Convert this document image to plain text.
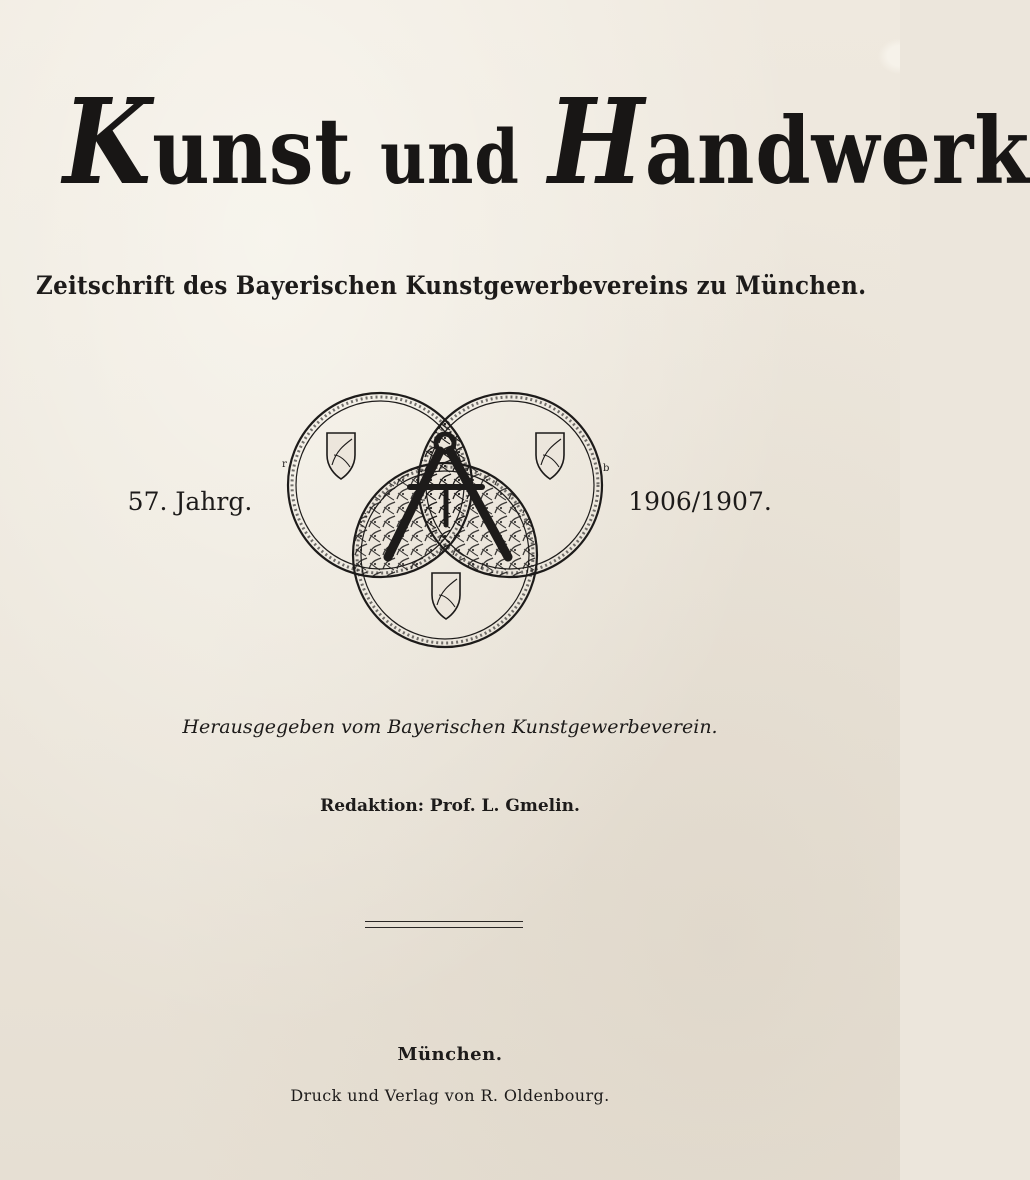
Kunst und Handwerk
Zeitschrift des Bayerischen Kunstgewerbevereins zu München.
57. Jahrg.	1906/1907.
r	b
Herausgegeben vom Bayerischen Kunstgewerbeverein.
Redaktion: Prof. L. Gmelin.
München.
Druck und Verlag von R. Oldenbourg.
